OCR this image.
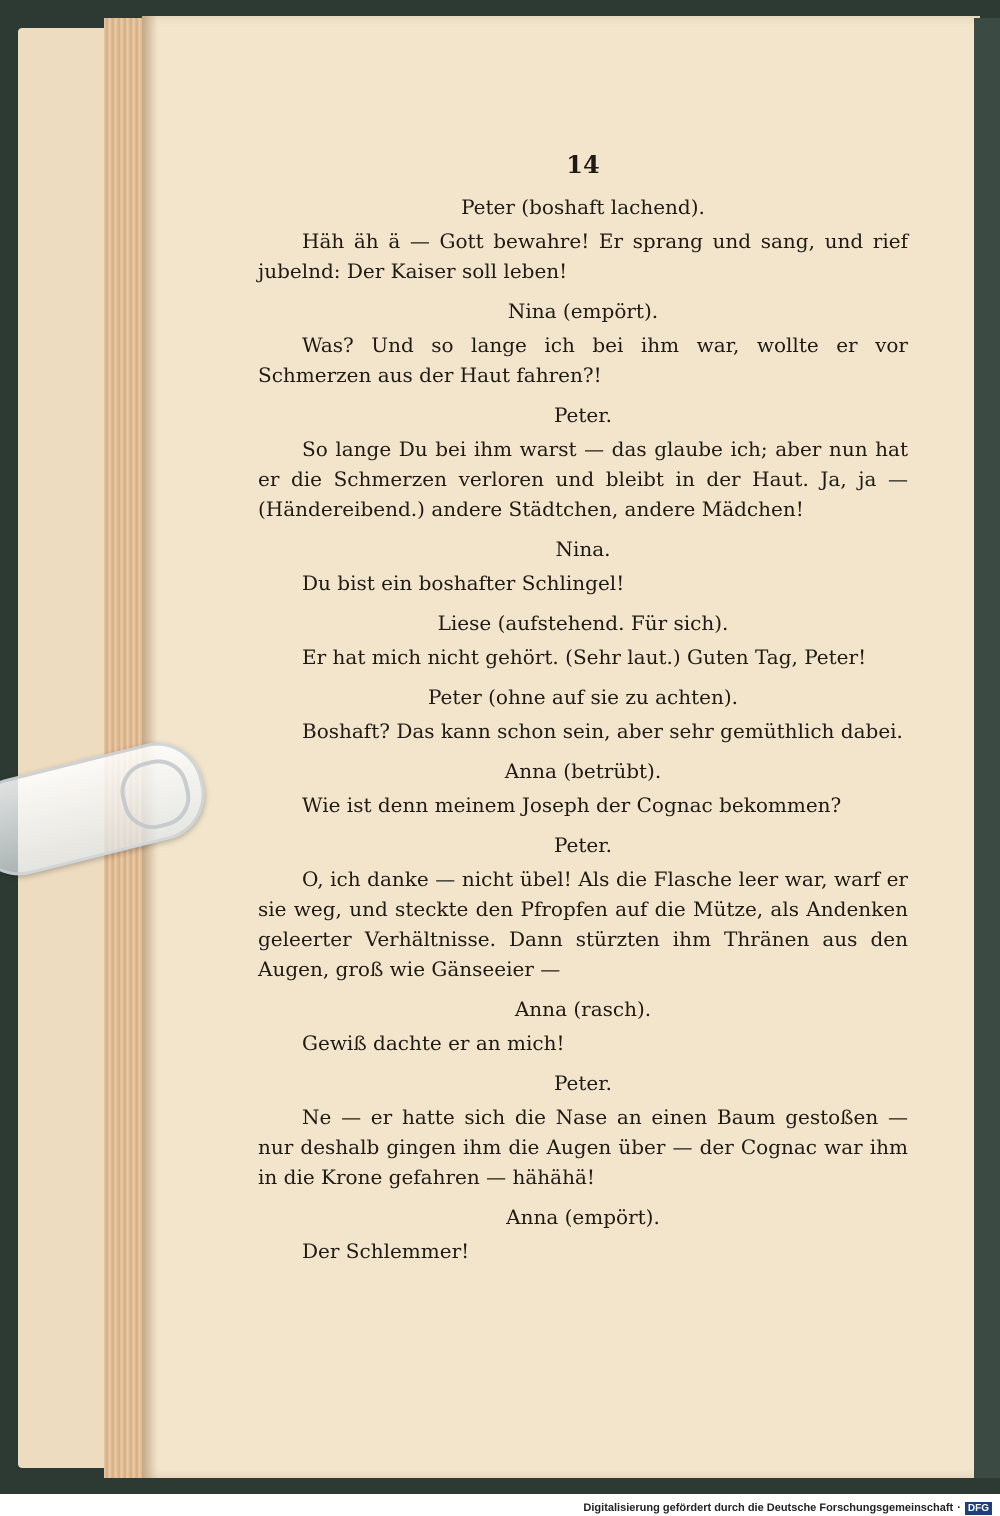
14
Peter (boshaft lachend).

Häh äh ä — Gott bewahre! Er sprang und sang, und rief jubelnd: Der Kaiser soll leben!

Nina (empört).

Was? Und so lange ich bei ihm war, wollte er vor Schmerzen aus der Haut fahren?!

Peter.

So lange Du bei ihm warst — das glaube ich; aber nun hat er die Schmerzen verloren und bleibt in der Haut. Ja, ja — (Händereibend.) andere Städtchen, andere Mädchen!

Nina.

Du bist ein boshafter Schlingel!

Liese (aufstehend. Für sich).

Er hat mich nicht gehört. (Sehr laut.) Guten Tag, Peter!

Peter (ohne auf sie zu achten).

Boshaft? Das kann schon sein, aber sehr gemüthlich dabei.

Anna (betrübt).

Wie ist denn meinem Joseph der Cognac bekommen?

Peter.

O, ich danke — nicht übel! Als die Flasche leer war, warf er sie weg, und steckte den Pfropfen auf die Mütze, als Andenken geleerter Verhältnisse. Dann stürzten ihm Thränen aus den Augen, groß wie Gänseeier —

Anna (rasch).

Gewiß dachte er an mich!

Peter.

Ne — er hatte sich die Nase an einen Baum gestoßen — nur deshalb gingen ihm die Augen über — der Cognac war ihm in die Krone gefahren — hähähä!

Anna (empört).

Der Schlemmer!

Digitalisierung gefördert durch die Deutsche Forschungsgemeinschaft · DFG
